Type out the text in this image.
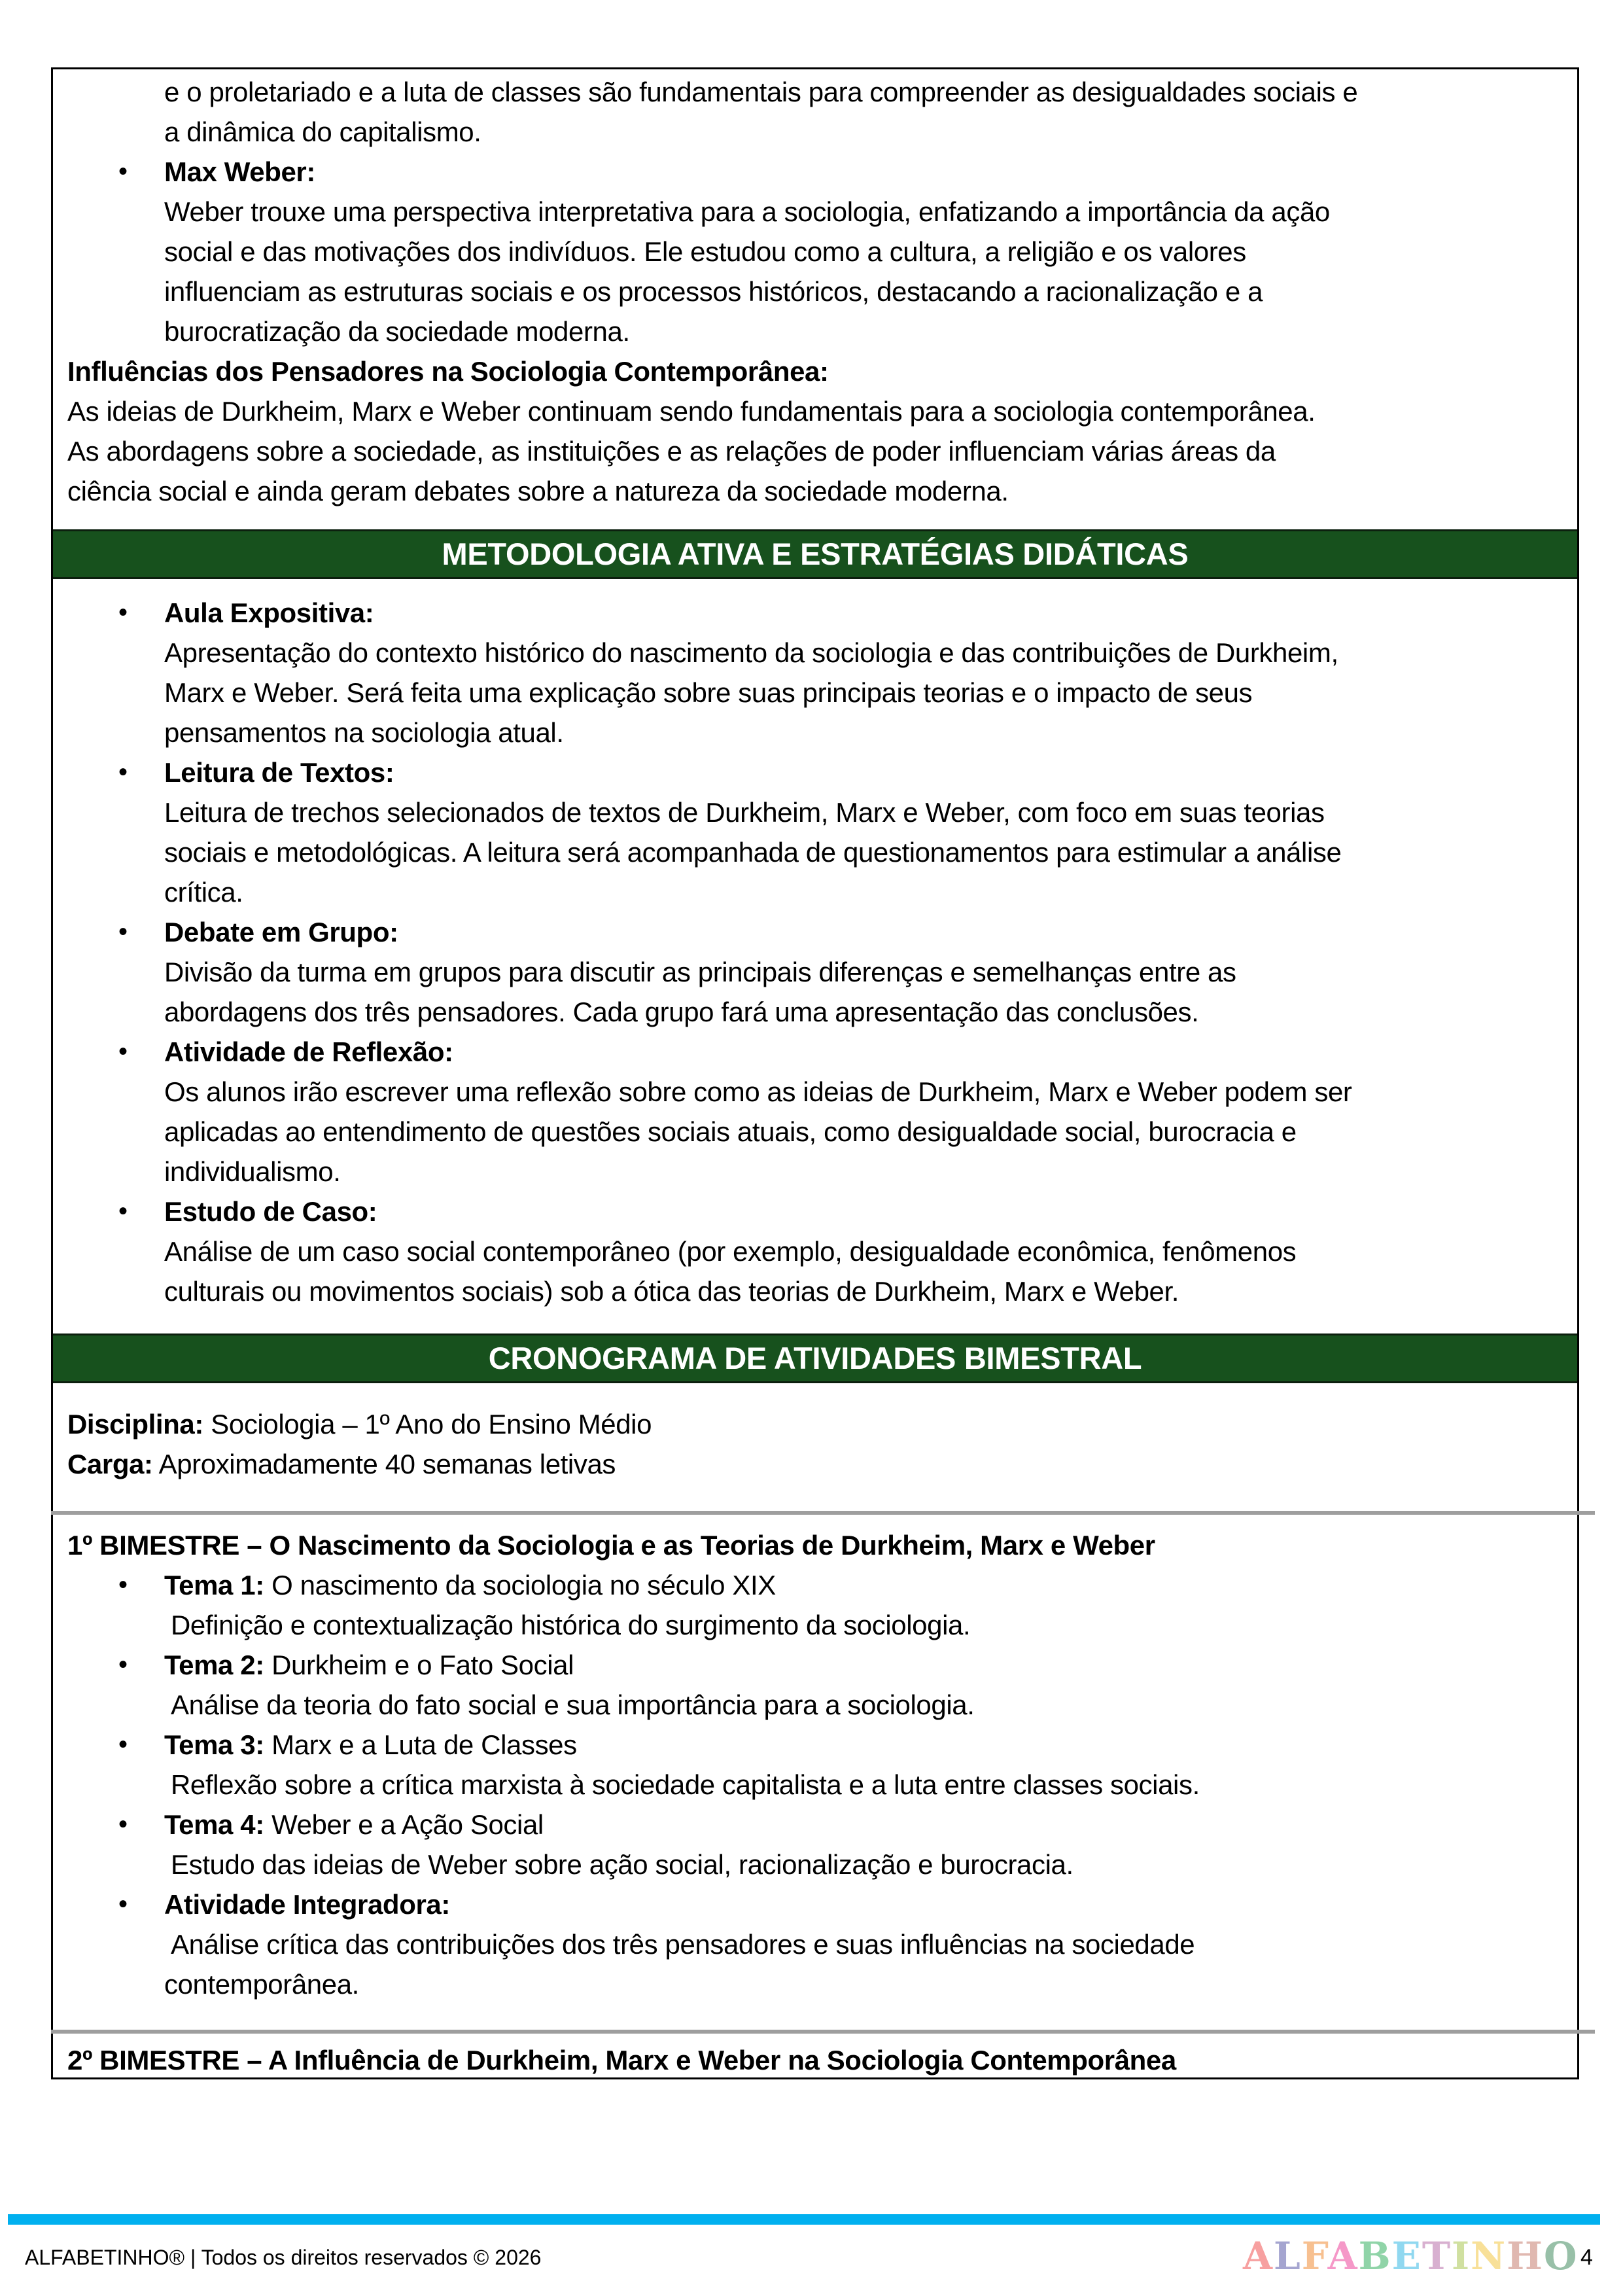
e o proletariado e a luta de classes são fundamentais para compreender as desigualdades sociais e
a dinâmica do capitalismo.
• Max Weber:
Weber trouxe uma perspectiva interpretativa para a sociologia, enfatizando a importância da ação
social e das motivações dos indivíduos. Ele estudou como a cultura, a religião e os valores
influenciam as estruturas sociais e os processos históricos, destacando a racionalização e a
burocratização da sociedade moderna.
Influências dos Pensadores na Sociologia Contemporânea:
As ideias de Durkheim, Marx e Weber continuam sendo fundamentais para a sociologia contemporânea.
As abordagens sobre a sociedade, as instituições e as relações de poder influenciam várias áreas da
ciência social e ainda geram debates sobre a natureza da sociedade moderna.
METODOLOGIA ATIVA E ESTRATÉGIAS DIDÁTICAS
• Aula Expositiva:
Apresentação do contexto histórico do nascimento da sociologia e das contribuições de Durkheim,
Marx e Weber. Será feita uma explicação sobre suas principais teorias e o impacto de seus
pensamentos na sociologia atual.
• Leitura de Textos:
Leitura de trechos selecionados de textos de Durkheim, Marx e Weber, com foco em suas teorias
sociais e metodológicas. A leitura será acompanhada de questionamentos para estimular a análise
crítica.
• Debate em Grupo:
Divisão da turma em grupos para discutir as principais diferenças e semelhanças entre as
abordagens dos três pensadores. Cada grupo fará uma apresentação das conclusões.
• Atividade de Reflexão:
Os alunos irão escrever uma reflexão sobre como as ideias de Durkheim, Marx e Weber podem ser
aplicadas ao entendimento de questões sociais atuais, como desigualdade social, burocracia e
individualismo.
• Estudo de Caso:
Análise de um caso social contemporâneo (por exemplo, desigualdade econômica, fenômenos
culturais ou movimentos sociais) sob a ótica das teorias de Durkheim, Marx e Weber.
CRONOGRAMA DE ATIVIDADES BIMESTRAL
Disciplina: Sociologia – 1º Ano do Ensino Médio
Carga: Aproximadamente 40 semanas letivas
1º BIMESTRE – O Nascimento da Sociologia e as Teorias de Durkheim, Marx e Weber
• Tema 1: O nascimento da sociologia no século XIX
Definição e contextualização histórica do surgimento da sociologia.
• Tema 2: Durkheim e o Fato Social
Análise da teoria do fato social e sua importância para a sociologia.
• Tema 3: Marx e a Luta de Classes
Reflexão sobre a crítica marxista à sociedade capitalista e a luta entre classes sociais.
• Tema 4: Weber e a Ação Social
Estudo das ideias de Weber sobre ação social, racionalização e burocracia.
• Atividade Integradora:
Análise crítica das contribuições dos três pensadores e suas influências na sociedade
contemporânea.
2º BIMESTRE – A Influência de Durkheim, Marx e Weber na Sociologia Contemporânea
ALFABETINHO® | Todos os direitos reservados © 2026	ALFABETINHO 4
